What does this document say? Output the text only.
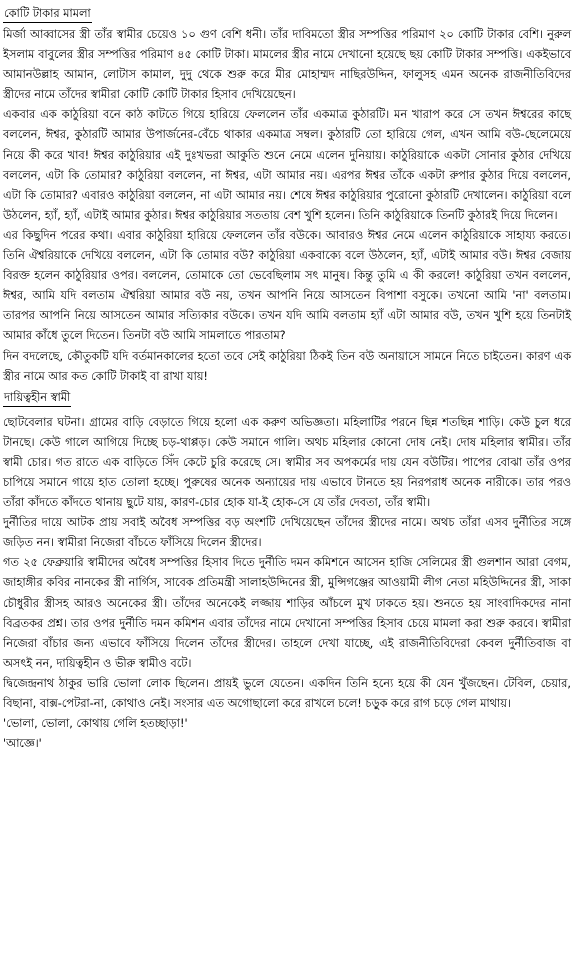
কোটি টাকার মামলা

মির্জা আব্বাসের স্ত্রী তাঁর স্বামীর চেয়েও ১০ গুণ বেশি ধনী। তাঁর দাবিমতো স্ত্রীর সম্পত্তির পরিমাণ ২০ কোটি টাকার বেশি। নুরুল ইসলাম বাবুলের স্ত্রীর সম্পত্তির পরিমাণ ৪৫ কোটি টাকা। মামলের স্ত্রীর নামে দেখানো হয়েছে ছয় কোটি টাকার সম্পত্তি। একইভাবে আমানউল্লাহ আমান, লোটাস কামাল, দুদু থেকে শুরু করে মীর মোহাম্মদ নাছিরউদ্দিন, ফালুসহ এমন অনেক রাজনীতিবিদের স্ত্রীদের নামে তাঁদের স্বামীরা কোটি কোটি টাকার হিসাব দেখিয়েছেন।

একবার এক কাঠুরিয়া বনে কাঠ কাটতে গিয়ে হারিয়ে ফেললেন তাঁর একমাত্র কুঠারটি। মন খারাপ করে সে তখন ঈশ্বরের কাছে বললেন, ঈশ্বর, কুঠারটি আমার উপার্জনের-বেঁচে থাকার একমাত্র সম্বল। কুঠারটি তো হারিয়ে গেল, এখন আমি বউ-ছেলেমেয়ে নিয়ে কী করে খাব! ঈশ্বর কাঠুরিয়ার এই দুঃখভরা আকুতি শুনে নেমে এলেন দুনিয়ায়। কাঠুরিয়াকে একটা সোনার কুঠার দেখিয়ে বললেন, এটা কি তোমার? কাঠুরিয়া বললেন, না ঈশ্বর, এটা আমার নয়। এরপর ঈশ্বর তাঁকে একটা রুপার কুঠার দিয়ে বললেন, এটা কি তোমার? এবারও কাঠুরিয়া বললেন, না এটা আমার নয়। শেষে ঈশ্বর কাঠুরিয়ার পুরোনো কুঠারটি দেখালেন। কাঠুরিয়া বলে উঠলেন, হ্যাঁ, হ্যাঁ, এটাই আমার কুঠার। ঈশ্বর কাঠুরিয়ার সততায় বেশ খুশি হলেন। তিনি কাঠুরিয়াকে তিনটি কুঠারই দিয়ে দিলেন।

এর কিছুদিন পরের কথা। এবার কাঠুরিয়া হারিয়ে ফেললেন তাঁর বউকে। আবারও ঈশ্বর নেমে এলেন কাঠুরিয়াকে সাহায্য করতে। তিনি ঐশ্বরিয়াকে দেখিয়ে বললেন, এটা কি তোমার বউ? কাঠুরিয়া একবাক্যে বলে উঠলেন, হ্যাঁ, এটাই আমার বউ। ঈশ্বর বেজায় বিরক্ত হলেন কাঠুরিয়ার ওপর। বললেন, তোমাকে তো ভেবেছিলাম সৎ মানুষ। কিন্তু তুমি এ কী করলে! কাঠুরিয়া তখন বললেন, ঈশ্বর, আমি যদি বলতাম ঐশ্বরিয়া আমার বউ নয়, তখন আপনি নিয়ে আসতেন বিপাশা বসুকে। তখনো আমি 'না' বলতাম। তারপর আপনি নিয়ে আসতেন আমার সত্যিকার বউকে। তখন যদি আমি বলতাম হ্যাঁ এটা আমার বউ, তখন খুশি হয়ে তিনটাই আমার কাঁধে তুলে দিতেন। তিনটা বউ আমি সামলাতে পারতাম?

দিন বদলেছে, কৌতুকটি যদি বর্তমানকালের হতো তবে সেই কাঠুরিয়া ঠিকই তিন বউ অনায়াসে সামনে নিতে চাইতেন। কারণ এক স্ত্রীর নামে আর কত কোটি টাকাই বা রাখা যায়!

দায়িত্বহীন স্বামী

ছোটবেলার ঘটনা। গ্রামের বাড়ি বেড়াতে গিয়ে হলো এক করুণ অভিজ্ঞতা। মহিলাটির পরনে ছিন্ন শতছিন্ন শাড়ি। কেউ চুল ধরে টানছে। কেউ গালে আগিয়ে দিচ্ছে চড়-থাপ্পড়। কেউ সমানে গালি। অথচ মহিলার কোনো দোষ নেই। দোষ মহিলার স্বামীর। তাঁর স্বামী চোর। গত রাতে এক বাড়িতে সিঁদ কেটে চুরি করেছে সে। স্বামীর সব অপকর্মের দায় যেন বউটির। পাপের বোঝা তাঁর ওপর চাপিয়ে সমানে গায়ে হাত তোলা হচ্ছে। পুরুষের অনেক অন্যায়ের দায় এভাবে টানতে হয় নিরপরাধ অনেক নারীকে। তার পরও তাঁরা কাঁদতে কাঁদতে থানায় ছুটে যায়, কারণ-চোর হোক যা-ই হোক-সে যে তাঁর দেবতা, তাঁর স্বামী।

দুর্নীতির দায়ে আটক প্রায় সবাই অবৈধ সম্পত্তির বড় অংশটি দেখিয়েছেন তাঁদের স্ত্রীদের নামে। অথচ তাঁরা এসব দুর্নীতির সঙ্গে জড়িত নন। স্বামীরা নিজেরা বাঁচতে ফাঁসিয়ে দিলেন স্ত্রীদের।

গত ২৫ ফেব্রুয়ারি স্বামীদের অবৈধ সম্পত্তির হিসাব দিতে দুর্নীতি দমন কমিশনে আসেন হাজি সেলিমের স্ত্রী গুলশান আরা বেগম, জাহাঙ্গীর কবির নানকের স্ত্রী নার্গিস, সাবেক প্রতিমন্ত্রী সালাহউদ্দিনের স্ত্রী, মুন্সিগঞ্জের আওয়ামী লীগ নেতা মহিউদ্দিনের স্ত্রী, সাকা চৌধুরীর স্ত্রীসহ আরও অনেকের স্ত্রী। তাঁদের অনেকেই লজ্জায় শাড়ির আঁচলে মুখ ঢাকতে হয়। শুনতে হয় সাংবাদিকদের নানা বিব্রতকর প্রশ্ন। তার ওপর দুর্নীতি দমন কমিশন এবার তাঁদের নামে দেখানো সম্পত্তির হিসাব চেয়ে মামলা করা শুরু করবে। স্বামীরা নিজেরা বাঁচার জন্য এভাবে ফাঁসিয়ে দিলেন তাঁদের স্ত্রীদের। তাহলে দেখা যাচ্ছে, এই রাজনীতিবিদেরা কেবল দুর্নীতিবাজ বা অসৎই নন, দায়িত্বহীন ও ভীরু স্বামীও বটে।

দ্বিজেন্দ্রনাথ ঠাকুর ভারি ভোলা লোক ছিলেন। প্রায়ই ভুলে যেতেন। একদিন তিনি হন্যে হয়ে কী যেন খুঁজছেন। টেবিল, চেয়ার, বিছানা, বাক্স-পেটরা-না, কোথাও নেই। সংসার এত অগোছালো করে রাখলে চলে! চড়ুক করে রাগ চড়ে গেল মাথায়।

'ভোলা, ভোলা, কোথায় গেলি হতচ্ছাড়া!'

'আজ্ঞে।'
